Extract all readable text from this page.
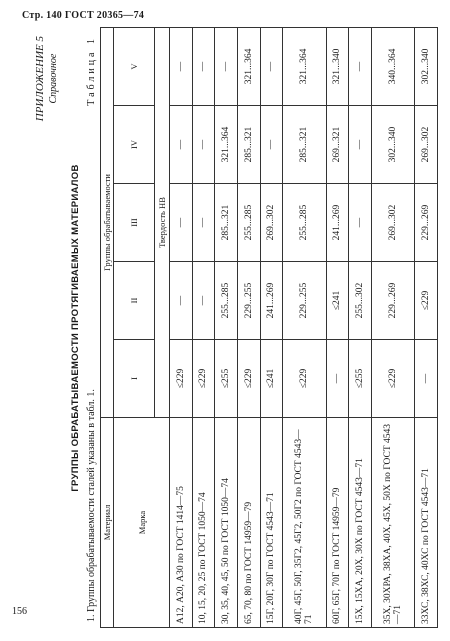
Стр. 140 ГОСТ 20365—74
ПРИЛОЖЕНИЕ 5 Справочное
ГРУППЫ ОБРАБАТЫВАЕМОСТИ ПРОТЯГИВАЕМЫХ МАТЕРИАЛОВ
1. Группы обрабатываемости сталей указаны в табл. 1.
Таблица 1
Материал	Группы обрабатываемости				
Марка	I	II	III	IV	V
	Твердость НВ				
А12, А20, А30 по ГОСТ 1414—75	≤229	—	—	—	—
10, 15, 20, 25 по ГОСТ 1050—74	≤229	—	—	—	—
30, 35, 40, 45, 50 по ГОСТ 1050—74	≤255	255...285	285...321	321...364	—
65, 70, 80 по ГОСТ 14959—79	≤229	229...255	255...285	285...321	321...364
15Г, 20Г, 30Г по ГОСТ 4543—71	≤241	241...269	269...302	—	—
40Г, 45Г, 50Г, 35Г2, 45Г2, 50Г2 по ГОСТ 4543—71	≤229	229...255	255...285	285...321	321...364
60Г, 65Г, 70Г по ГОСТ 14959—79	—	≤241	241...269	269...321	321...340
15Х, 15ХА, 20Х, 30Х по ГОСТ 4543—71	≤255	255...302	—	—	—
35Х, 30ХРА, 38ХА, 40Х, 45Х, 50Х по ГОСТ 4543—71	≤229	229...269	269...302	302...340	340...364
33ХС, 38ХС, 40ХС по ГОСТ 4543—71	—	≤229	229...269	269...302	302...340
156
